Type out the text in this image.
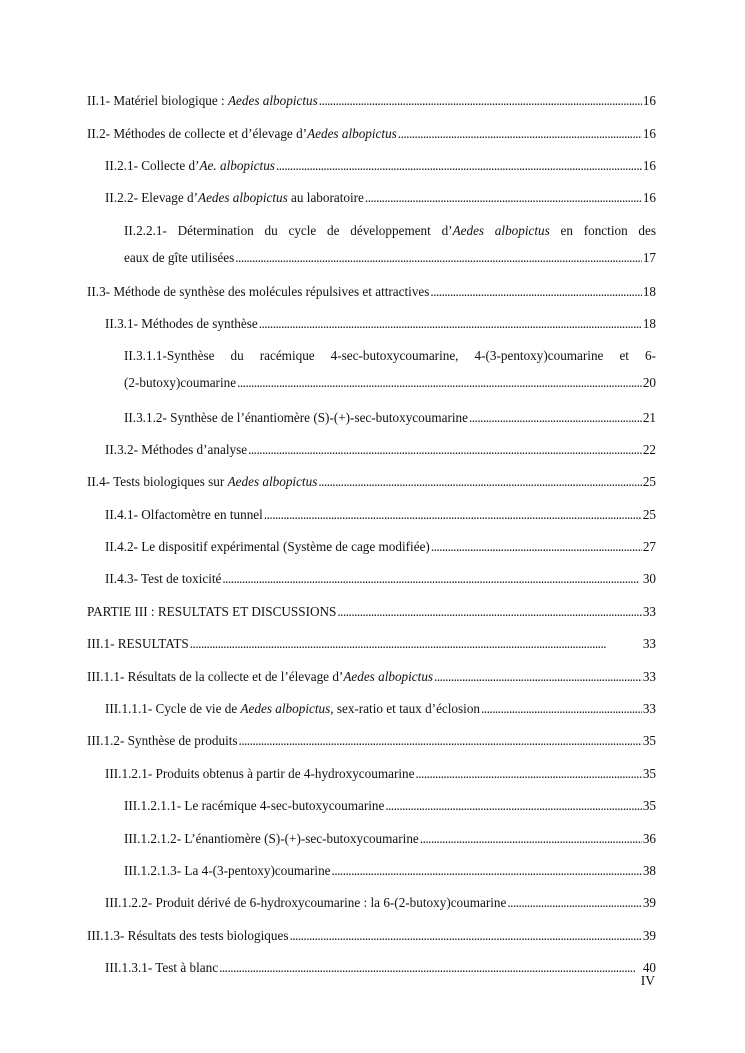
II.1- Matériel biologique : Aedes albopictus . . .	16
II.2- Méthodes de collecte et d’élevage d’Aedes albopictus . . .	16
II.2.1- Collecte d’Ae. albopictus . . .	16
II.2.2- Elevage d’Aedes albopictus au laboratoire . . .	16
II.2.2.1- Détermination du cycle de développement d’Aedes albopictus en fonction des
eaux de gîte utilisées . . .	17
II.3- Méthode de synthèse des molécules répulsives et attractives . . .	18
II.3.1- Méthodes de synthèse . . .	18
II.3.1.1-Synthèse du racémique 4-sec-butoxycoumarine, 4-(3-pentoxy)coumarine et 6-
(2-butoxy)coumarine . . .	20
II.3.1.2- Synthèse de l’énantiomère (S)-(+)-sec-butoxycoumarine . . .	21
II.3.2- Méthodes d’analyse . . .	22
II.4- Tests biologiques sur Aedes albopictus . . .	25
II.4.1- Olfactomètre en tunnel . . .	25
II.4.2- Le dispositif expérimental (Système de cage modifiée) . . .	27
II.4.3- Test de toxicité . . .	30
PARTIE III : RESULTATS ET DISCUSSIONS . . .	33
III.1- RESULTATS . . .	33
III.1.1- Résultats de la collecte et de l’élevage d’Aedes albopictus . . .	33
III.1.1.1- Cycle de vie de Aedes albopictus, sex-ratio et taux d’éclosion . . .	33
III.1.2- Synthèse de produits . . .	35
III.1.2.1- Produits obtenus à partir de 4-hydroxycoumarine . . .	35
III.1.2.1.1- Le racémique 4-sec-butoxycoumarine . . .	35
III.1.2.1.2- L’énantiomère (S)-(+)-sec-butoxycoumarine . . .	36
III.1.2.1.3- La 4-(3-pentoxy)coumarine . . .	38
III.1.2.2- Produit dérivé de 6-hydroxycoumarine : la 6-(2-butoxy)coumarine . . .	39
III.1.3- Résultats des tests biologiques . . .	39
III.1.3.1- Test à blanc . . .	40
IV
